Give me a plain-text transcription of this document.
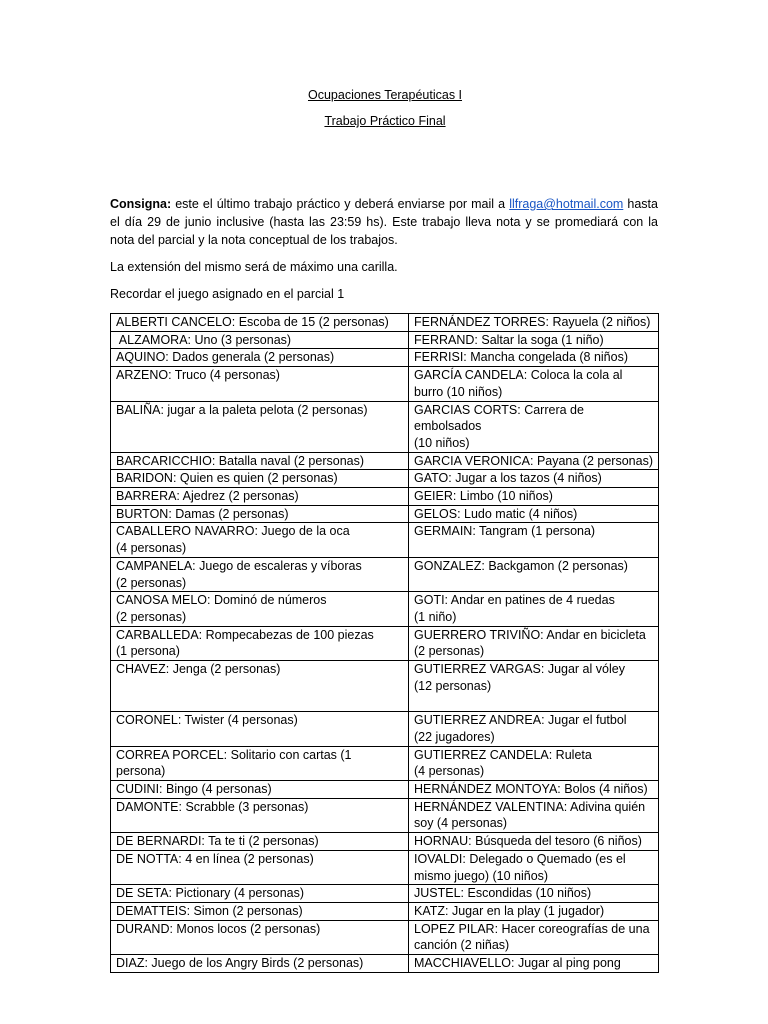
Ocupaciones Terapéuticas I
Trabajo Práctico Final
Consigna: este el último trabajo práctico y deberá enviarse por mail a llfraga@hotmail.com hasta el día 29 de junio inclusive (hasta las 23:59 hs). Este trabajo lleva nota y se promediará con la nota del parcial y la nota conceptual de los trabajos.
La extensión del mismo será de máximo una carilla.
Recordar el juego asignado en el parcial 1
ALBERTI CANCELO: Escoba de 15 (2 personas)	FERNÁNDEZ TORRES: Rayuela (2 niños)

ALZAMORA: Uno (3 personas)	FERRAND: Saltar la soga (1 niño)

AQUINO: Dados generala (2 personas)	FERRISI: Mancha congelada (8 niños)

ARZENO: Truco (4 personas)	GARCÍA CANDELA: Coloca la cola al
burro (10 niños)

BALIÑA: jugar a la paleta pelota (2 personas)	GARCIAS CORTS: Carrera de embolsados
(10 niños)

BARCARICCHIO: Batalla naval (2 personas)	GARCIA VERONICA: Payana (2 personas)

BARIDON: Quien es quien (2 personas)	GATO: Jugar a los tazos (4 niños)

BARRERA: Ajedrez (2 personas)	GEIER: Limbo (10 niños)

BURTON: Damas (2 personas)	GELOS: Ludo matic (4 niños)

CABALLERO NAVARRO: Juego de la oca
(4 personas)	GERMAIN: Tangram (1 persona)

CAMPANELA: Juego de escaleras y víboras
(2 personas)	GONZALEZ: Backgamon (2 personas)

CANOSA MELO: Dominó de números
(2 personas)	GOTI: Andar en patines de 4 ruedas
(1 niño)

CARBALLEDA: Rompecabezas de 100 piezas
(1 persona)	GUERRERO TRIVIÑO: Andar en bicicleta
(2 personas)

CHAVEZ: Jenga (2 personas)	GUTIERREZ VARGAS: Jugar al vóley
(12 personas)

CORONEL: Twister (4 personas)	GUTIERREZ ANDREA: Jugar el futbol
(22 jugadores)

CORREA PORCEL: Solitario con cartas (1 persona)	GUTIERREZ CANDELA: Ruleta
(4 personas)

CUDINI: Bingo (4 personas)	HERNÁNDEZ MONTOYA: Bolos (4 niños)

DAMONTE: Scrabble (3 personas)	HERNÁNDEZ VALENTINA: Adivina quién
soy (4 personas)

DE BERNARDI: Ta te ti (2 personas)	HORNAU: Búsqueda del tesoro (6 niños)

DE NOTTA: 4 en línea (2 personas)	IOVALDI: Delegado o Quemado (es el
mismo juego) (10 niños)

DE SETA: Pictionary (4 personas)	JUSTEL: Escondidas (10 niños)

DEMATTEIS: Simon (2 personas)	KATZ: Jugar en la play (1 jugador)

DURAND: Monos locos (2 personas)	LOPEZ PILAR: Hacer coreografías de una
canción (2 niñas)

DIAZ: Juego de los Angry Birds (2 personas)	MACCHIAVELLO: Jugar al ping pong
